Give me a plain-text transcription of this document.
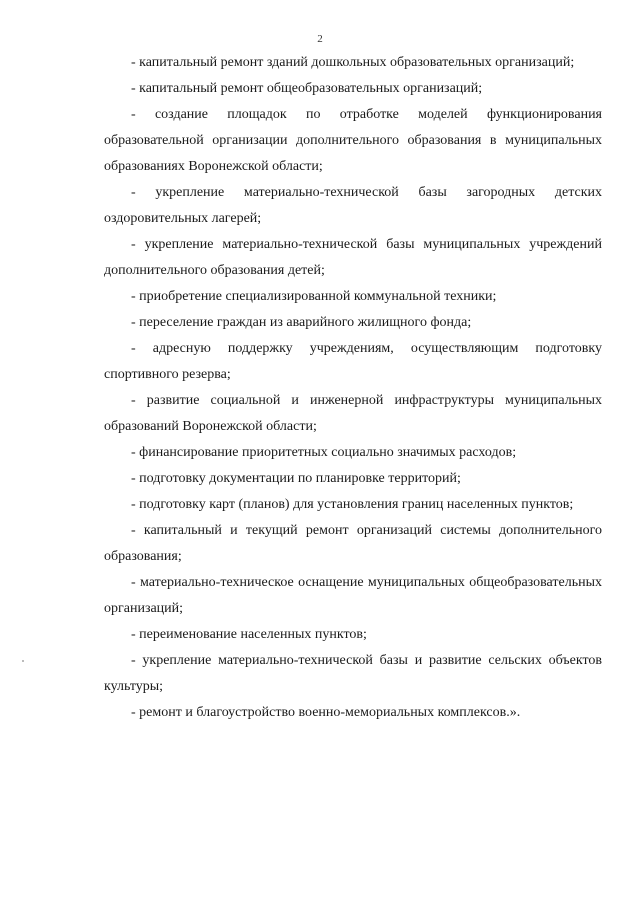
2

- капитальный ремонт зданий дошкольных образовательных организаций;

- капитальный ремонт общеобразовательных организаций;

- создание площадок по отработке моделей функционирования образовательной организации дополнительного образования в муниципальных образованиях Воронежской области;

- укрепление материально-технической базы загородных детских оздоровительных лагерей;

- укрепление материально-технической базы муниципальных учреждений дополнительного образования детей;

- приобретение специализированной коммунальной техники;

- переселение граждан из аварийного жилищного фонда;

- адресную поддержку учреждениям, осуществляющим подготовку спортивного резерва;

- развитие социальной и инженерной инфраструктуры муниципальных образований Воронежской области;

- финансирование приоритетных социально значимых расходов;

- подготовку документации по планировке территорий;

- подготовку карт (планов) для установления границ населенных пунктов;

- капитальный и текущий ремонт организаций системы дополнительного образования;

- материально-техническое оснащение муниципальных общеобразовательных организаций;

- переименование населенных пунктов;

- укрепление материально-технической базы и развитие сельских объектов культуры;

- ремонт и благоустройство военно-мемориальных комплексов.».
